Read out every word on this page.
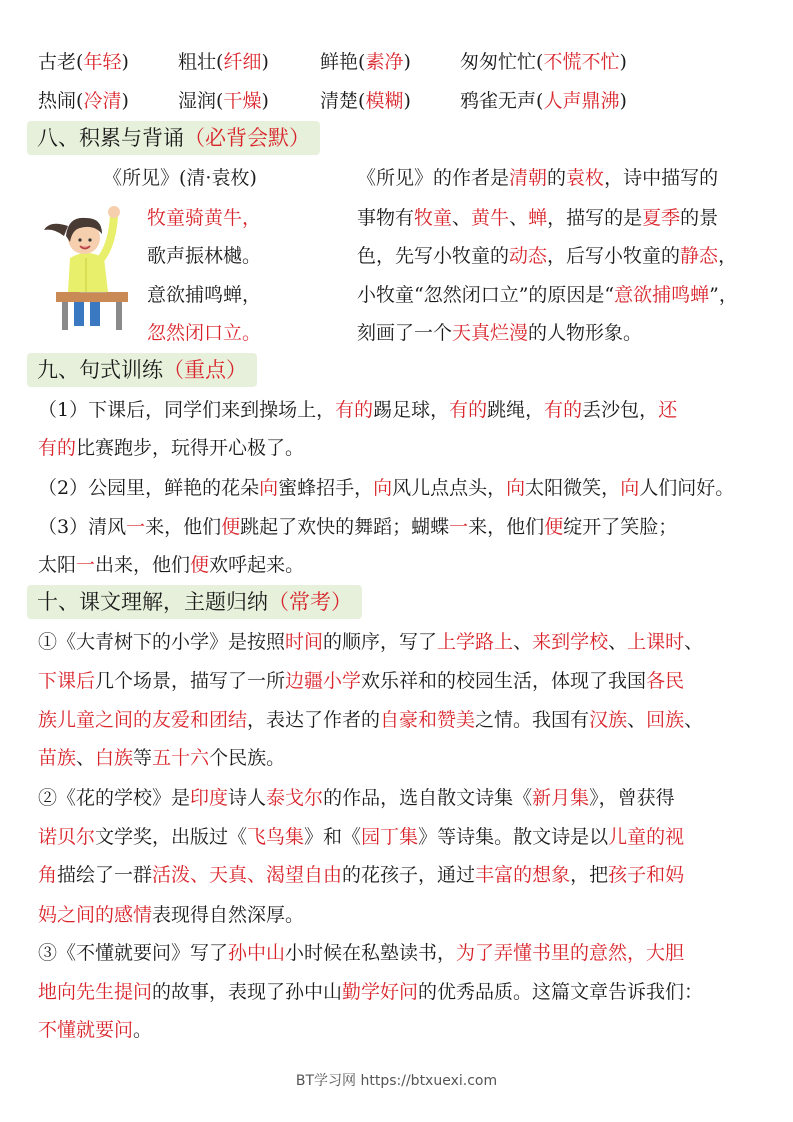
古老(年轻)	粗壮(纤细)	鲜艳(素净)	匆匆忙忙(不慌不忙)
热闹(冷清)	湿润(干燥)	清楚(模糊)	鸦雀无声(人声鼎沸)
八、积累与背诵（必背会默）
《所见》(清·袁枚)
牧童骑黄牛，
歌声振林樾。
意欲捕鸣蝉，
忽然闭口立。
《所见》的作者是清朝的袁枚，诗中描写的
事物有牧童、黄牛、蝉，描写的是夏季的景
色，先写小牧童的动态，后写小牧童的静态，
小牧童“忽然闭口立”的原因是“意欲捕鸣蝉”，
刻画了一个天真烂漫的人物形象。
九、句式训练（重点）
（1）下课后，同学们来到操场上，有的踢足球，有的跳绳，有的丢沙包，还
有的比赛跑步，玩得开心极了。
（2）公园里，鲜艳的花朵向蜜蜂招手，向风儿点点头，向太阳微笑，向人们问好。
（3）清风一来，他们便跳起了欢快的舞蹈；蝴蝶一来，他们便绽开了笑脸；
太阳一出来，他们便欢呼起来。
十、课文理解，主题归纳（常考）
①《大青树下的小学》是按照时间的顺序，写了上学路上、来到学校、上课时、
下课后几个场景，描写了一所边疆小学欢乐祥和的校园生活，体现了我国各民
族儿童之间的友爱和团结，表达了作者的自豪和赞美之情。我国有汉族、回族、
苗族、白族等五十六个民族。
②《花的学校》是印度诗人泰戈尔的作品，选自散文诗集《新月集》，曾获得
诺贝尔文学奖，出版过《飞鸟集》和《园丁集》等诗集。散文诗是以儿童的视
角描绘了一群活泼、天真、渴望自由的花孩子，通过丰富的想象，把孩子和妈
妈之间的感情表现得自然深厚。
③《不懂就要问》写了孙中山小时候在私塾读书，为了弄懂书里的意然，大胆
地向先生提问的故事，表现了孙中山勤学好问的优秀品质。这篇文章告诉我们：
不懂就要问。
BT学习网 https://btxuexi.com
